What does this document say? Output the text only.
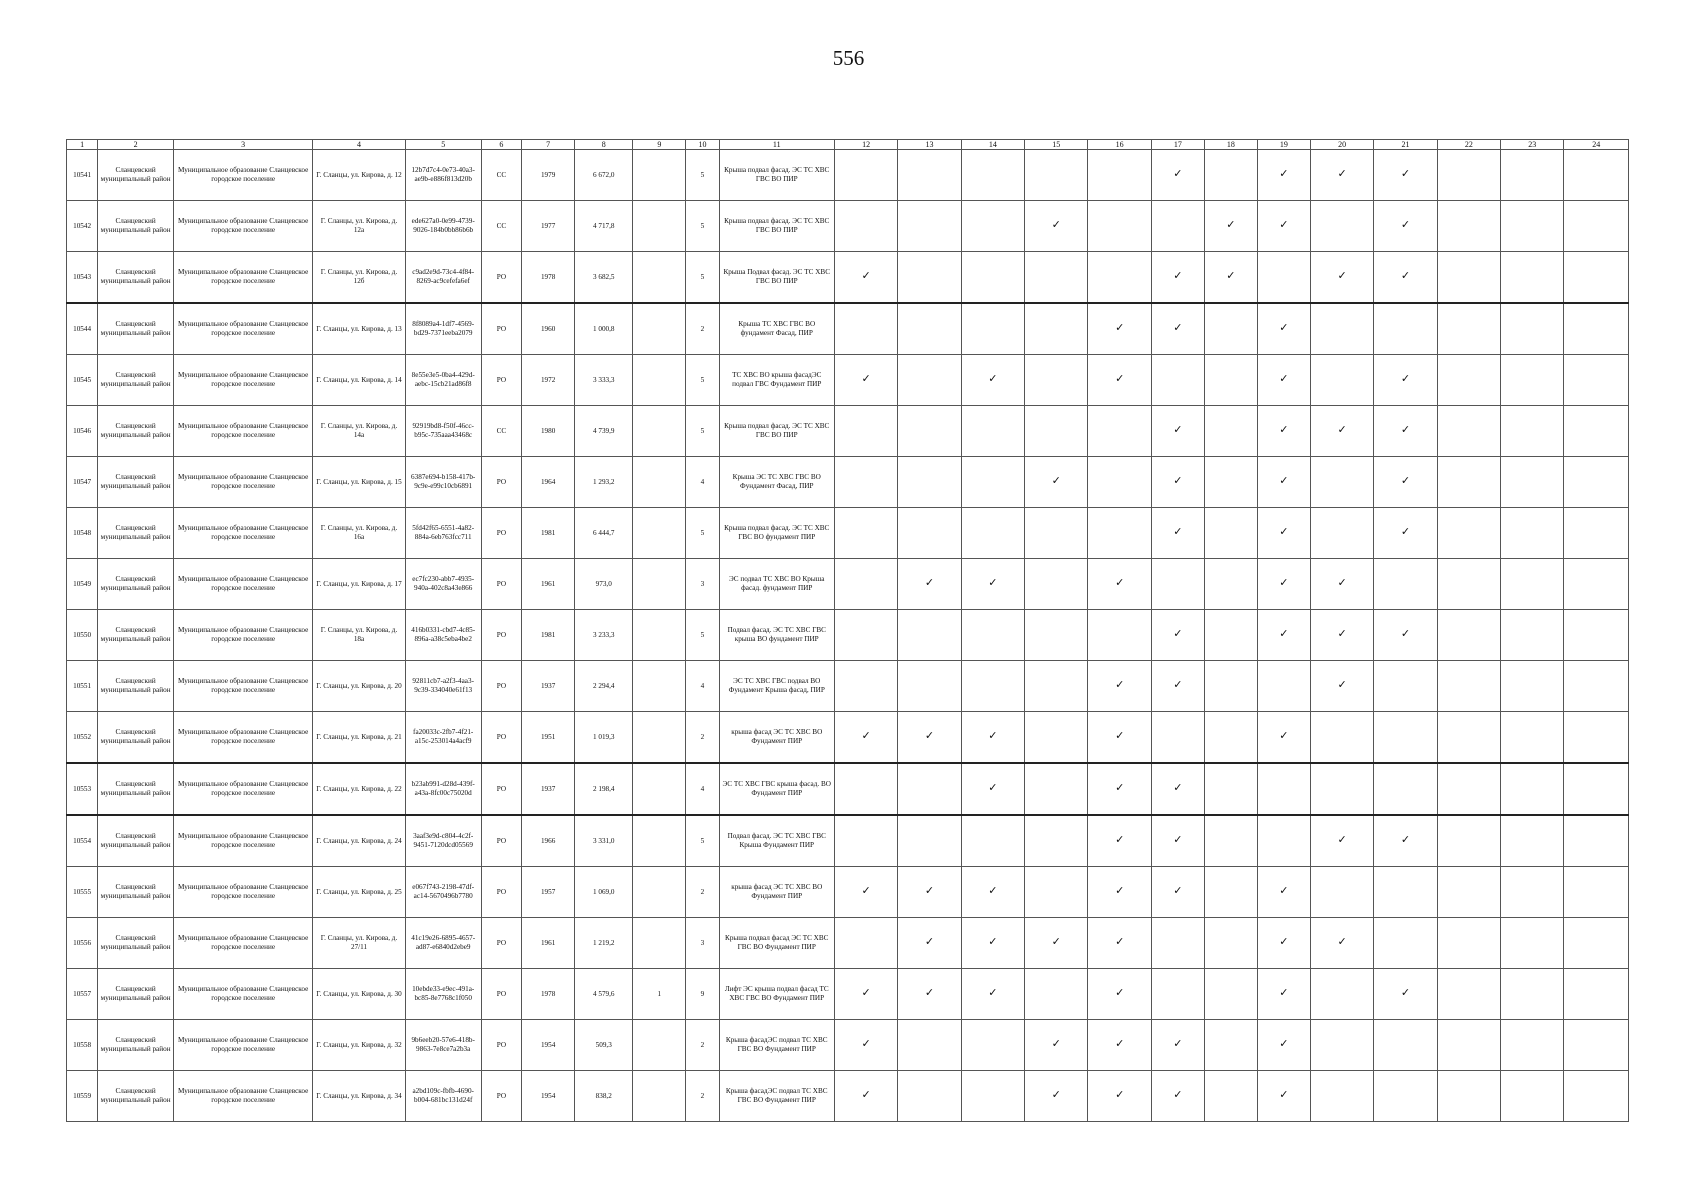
556
1	2	3	4	5	6	7	8	9	10	11	12	13	14	15	16	17	18	19	20	21	22	23	24
10541	Сланцевский муниципальный район	Муниципальное образование Сланцевское городское поселение	Г. Сланцы, ул. Кирова, д. 12	12b7d7c4-0e73-40a3-ae9b-e886f813d20b	СС	1979	6 672,0		5	Крыша подвал фасад. ЭС ТС ХВС ГВС ВО ПИР						✓		✓	✓	✓			
10542	Сланцевский муниципальный район	Муниципальное образование Сланцевское городское поселение	Г. Сланцы, ул. Кирова, д. 12а	ede627a0-0e99-4739-9026-184b0bb86b6b	СС	1977	4 717,8		5	Крыша подвал фасад. ЭС ТС ХВС ГВС ВО ПИР				✓			✓	✓		✓			
10543	Сланцевский муниципальный район	Муниципальное образование Сланцевское городское поселение	Г. Сланцы, ул. Кирова, д. 12б	c9ad2e9d-73c4-4f84-8269-ac9cefefa6ef	РО	1978	3 682,5		5	Крыша Подвал фасад. ЭС ТС ХВС ГВС ВО ПИР	✓					✓	✓		✓	✓			
10544	Сланцевский муниципальный район	Муниципальное образование Сланцевское городское поселение	Г. Сланцы, ул. Кирова, д. 13	8f8089a4-1df7-4569-bd29-7371eeba2079	РО	1960	1 000,8		2	Крыша ТС ХВС ГВС ВО фундамент Фасад, ПИР					✓	✓		✓					
10545	Сланцевский муниципальный район	Муниципальное образование Сланцевское городское поселение	Г. Сланцы, ул. Кирова, д. 14	8e55e3e5-0ba4-429d-aebc-15cb21ad86f8	РО	1972	3 333,3		5	ТС ХВС ВО крыша фасадЭС подвал ГВС Фундамент ПИР	✓		✓		✓			✓		✓			
10546	Сланцевский муниципальный район	Муниципальное образование Сланцевское городское поселение	Г. Сланцы, ул. Кирова, д. 14а	92919bd8-f50f-46cc-b95c-735aaa43468c	СС	1980	4 739,9		5	Крыша подвал фасад. ЭС ТС ХВС ГВС ВО ПИР						✓		✓	✓	✓			
10547	Сланцевский муниципальный район	Муниципальное образование Сланцевское городское поселение	Г. Сланцы, ул. Кирова, д. 15	6387e694-b158-417b-9c9e-e99c10cb6891	РО	1964	1 293,2		4	Крыша ЭС ТС ХВС ГВС ВО Фундамент Фасад, ПИР				✓		✓		✓		✓			
10548	Сланцевский муниципальный район	Муниципальное образование Сланцевское городское поселение	Г. Сланцы, ул. Кирова, д. 16а	5fd42f65-6551-4a82-884a-6eb763fcc711	РО	1981	6 444,7		5	Крыша подвал фасад. ЭС ТС ХВС ГВС ВО фундамент ПИР						✓		✓		✓			
10549	Сланцевский муниципальный район	Муниципальное образование Сланцевское городское поселение	Г. Сланцы, ул. Кирова, д. 17	ec7fc230-abb7-4935-940a-402c8a43e866	РО	1961	973,0		3	ЭС подвал ТС ХВС ВО Крыша фасад. фундамент ПИР		✓	✓		✓			✓	✓				
10550	Сланцевский муниципальный район	Муниципальное образование Сланцевское городское поселение	Г. Сланцы, ул. Кирова, д. 18а	416b0331-cbd7-4c85-896a-a38c5eba4be2	РО	1981	3 233,3		5	Подвал фасад. ЭС ТС ХВС ГВС крыша ВО фундамент ПИР						✓		✓	✓	✓			
10551	Сланцевский муниципальный район	Муниципальное образование Сланцевское городское поселение	Г. Сланцы, ул. Кирова, д. 20	92811cb7-a2f3-4aa3-9c39-334040e61f13	РО	1937	2 294,4		4	ЭС ТС ХВС ГВС подвал ВО Фундамент Крыша фасад, ПИР					✓	✓			✓				
10552	Сланцевский муниципальный район	Муниципальное образование Сланцевское городское поселение	Г. Сланцы, ул. Кирова, д. 21	fa20033c-2fb7-4f21-a15c-253014a4acf9	РО	1951	1 019,3		2	крыша фасад ЭС ТС ХВС ВО Фундамент ПИР	✓	✓	✓		✓			✓					
10553	Сланцевский муниципальный район	Муниципальное образование Сланцевское городское поселение	Г. Сланцы, ул. Кирова, д. 22	b23ab991-d28d-439f-a43a-8fc00c75020d	РО	1937	2 198,4		4	ЭС ТС ХВС ГВС крыша фасад. ВО Фундамент ПИР			✓		✓	✓							
10554	Сланцевский муниципальный район	Муниципальное образование Сланцевское городское поселение	Г. Сланцы, ул. Кирова, д. 24	3aaf3e9d-c804-4c2f-9451-7120dcd05569	РО	1966	3 331,0		5	Подвал фасад. ЭС ТС ХВС ГВС Крыша Фундамент ПИР					✓	✓			✓	✓			
10555	Сланцевский муниципальный район	Муниципальное образование Сланцевское городское поселение	Г. Сланцы, ул. Кирова, д. 25	e067f743-2198-47df-ac14-5670496b7780	РО	1957	1 069,0		2	крыша фасад ЭС ТС ХВС ВО Фундамент ПИР	✓	✓	✓		✓	✓		✓					
10556	Сланцевский муниципальный район	Муниципальное образование Сланцевское городское поселение	Г. Сланцы, ул. Кирова, д. 27/11	41c19e26-6895-4657-ad87-e6840d2ebe9	РО	1961	1 219,2		3	Крыша подвал фасад ЭС ТС ХВС ГВС ВО Фундамент ПИР		✓	✓	✓	✓			✓	✓				
10557	Сланцевский муниципальный район	Муниципальное образование Сланцевское городское поселение	Г. Сланцы, ул. Кирова, д. 30	10ebde33-e9ec-491a-bc85-8e7768c1f050	РО	1978	4 579,6	1	9	Лифт ЭС крыша подвал фасад ТС ХВС ГВС ВО Фундамент ПИР	✓	✓	✓		✓			✓		✓			
10558	Сланцевский муниципальный район	Муниципальное образование Сланцевское городское поселение	Г. Сланцы, ул. Кирова, д. 32	9b6eeb20-57e6-418b-9863-7e8ce7a2b3a	РО	1954	509,3		2	Крыша фасадЭС подвал ТС ХВС ГВС ВО Фундамент ПИР	✓			✓	✓	✓		✓					
10559	Сланцевский муниципальный район	Муниципальное образование Сланцевское городское поселение	Г. Сланцы, ул. Кирова, д. 34	a2bd109c-fbfb-4690-b004-681bc131d24f	РО	1954	838,2		2	Крыша фасадЭС подвал ТС ХВС ГВС ВО Фундамент ПИР	✓			✓	✓	✓		✓					
